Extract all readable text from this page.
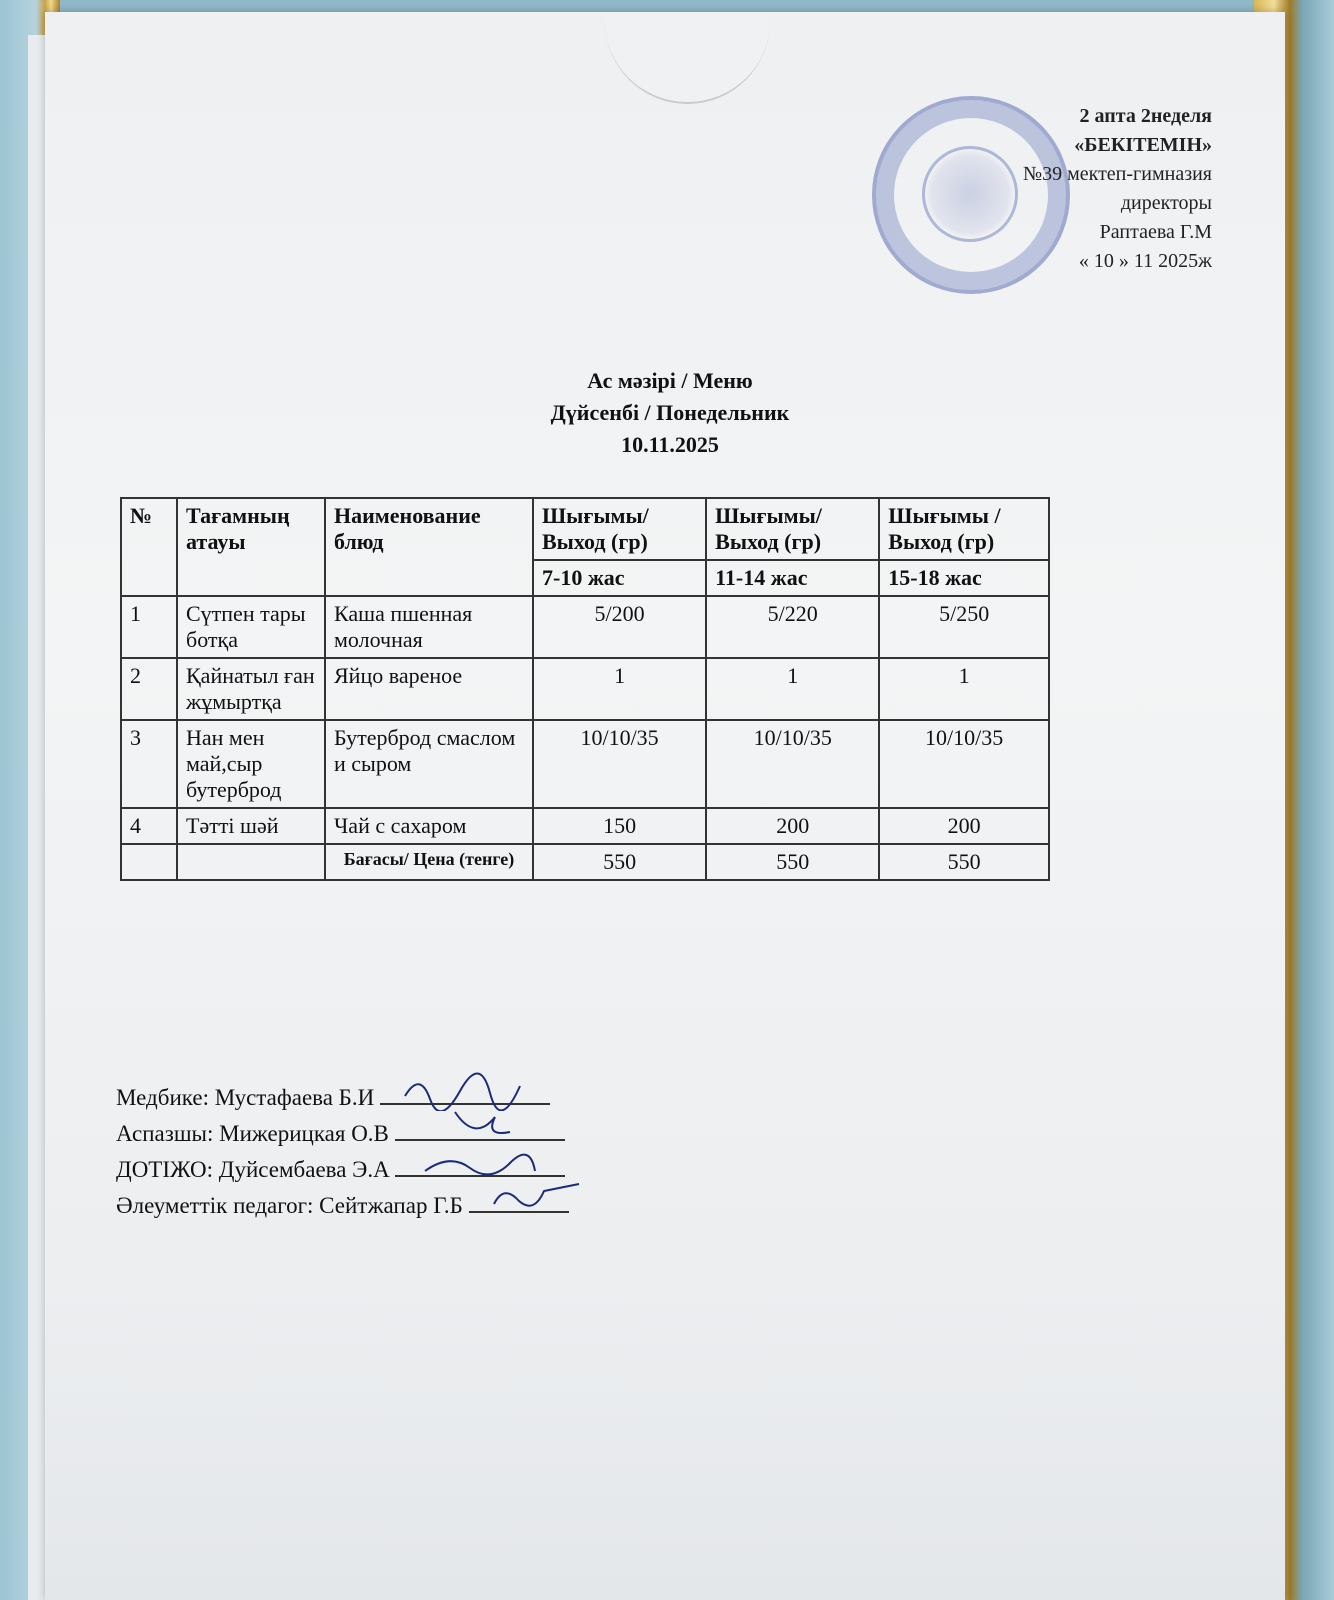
2 апта 2неделя
«БЕКІТЕМІН»
№39 мектеп-гимназия
директоры
Раптаева Г.М
« 10 » 11 2025ж
Ас мәзірі / Меню
Дүйсенбі / Понедельник
10.11.2025
№	Тағамның атауы	Наименование блюд	Шығымы/ Выход (гр)	Шығымы/ Выход (гр)	Шығымы /Выход (гр)
			7-10 жас	11-14 жас	15-18 жас
1	Сүтпен тары ботқа	Каша пшенная молочная	5/200	5/220	5/250
2	Қайнатыл ған жұмыртқа	Яйцо вареное	1	1	1
3	Нан мен май,сыр бутерброд	Бутерброд смаслом и сыром	10/10/35	10/10/35	10/10/35
4	Тәтті шәй	Чай с сахаром	150	200	200
		Бағасы/ Цена (тенге)	550	550	550
Медбике: Мустафаева Б.И
Аспазшы: Мижерицкая О.В
ДОТІЖО: Дуйсембаева Э.А
Әлеуметтік педагог: Сейтжапар Г.Б
